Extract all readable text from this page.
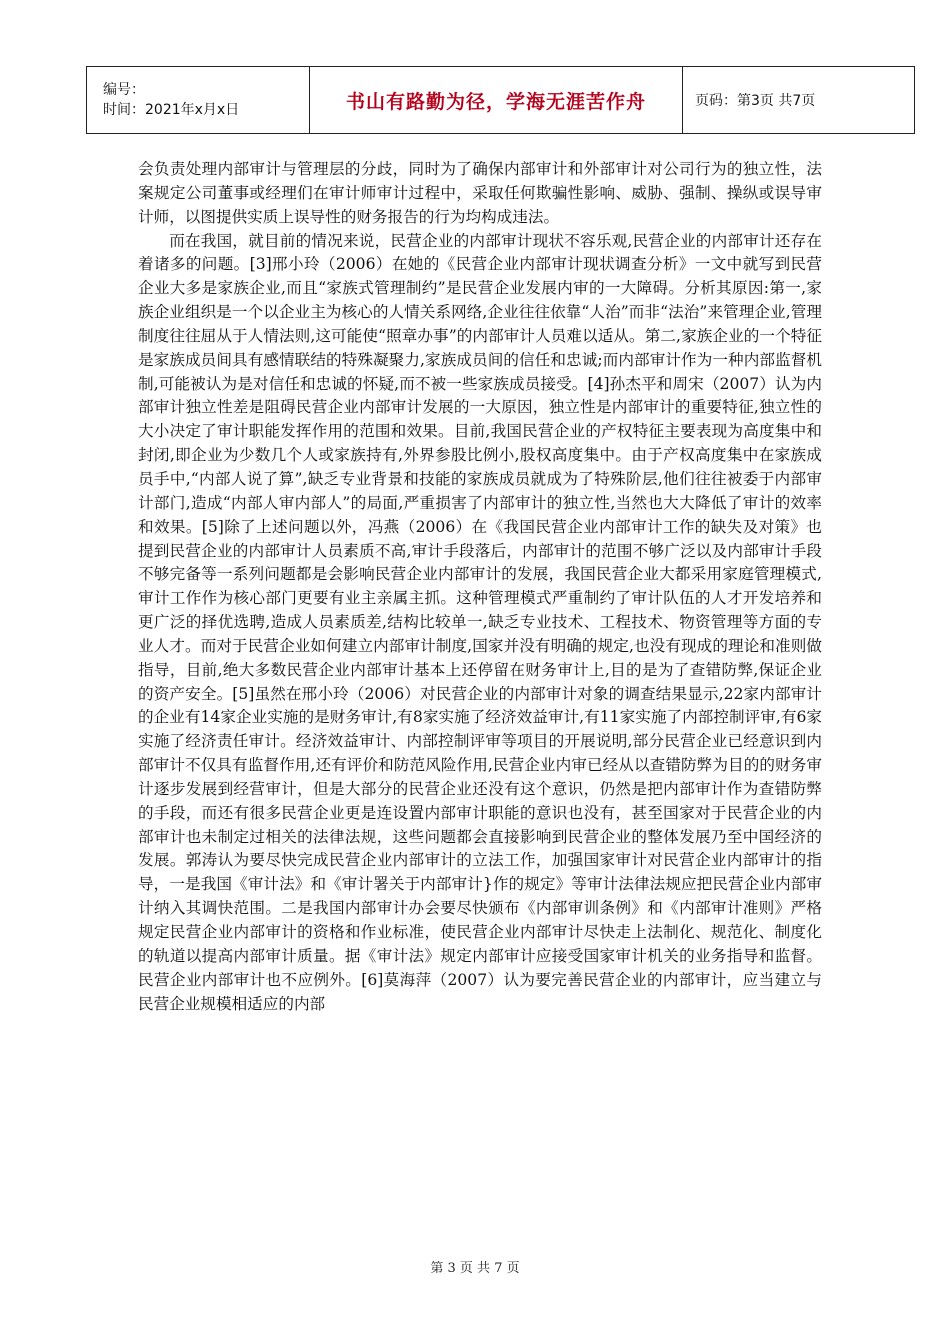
编号：
时间：2021年x月x日	书山有路勤为径，学海无涯苦作舟	页码：第3页 共7页

会负责处理内部审计与管理层的分歧，同时为了确保内部审计和外部审计对公司行为的独立性，法案规定公司董事或经理们在审计师审计过程中，采取任何欺骗性影响、威胁、强制、操纵或误导审计师，以图提供实质上误导性的财务报告的行为均构成违法。

而在我国，就目前的情况来说，民营企业的内部审计现状不容乐观,民营企业的内部审计还存在着诸多的问题。[3]邢小玲（2006）在她的《民营企业内部审计现状调查分析》一文中就写到民营企业大多是家族企业,而且“家族式管理制约”是民营企业发展内审的一大障碍。分析其原因:第一,家族企业组织是一个以企业主为核心的人情关系网络,企业往往依靠“人治”而非“法治”来管理企业,管理制度往往屈从于人情法则,这可能使“照章办事”的内部审计人员难以适从。第二,家族企业的一个特征是家族成员间具有感情联结的特殊凝聚力,家族成员间的信任和忠诚;而内部审计作为一种内部监督机制,可能被认为是对信任和忠诚的怀疑,而不被一些家族成员接受。[4]孙杰平和周宋（2007）认为内部审计独立性差是阻碍民营企业内部审计发展的一大原因，独立性是内部审计的重要特征,独立性的大小决定了审计职能发挥作用的范围和效果。目前,我国民营企业的产权特征主要表现为高度集中和封闭,即企业为少数几个人或家族持有,外界参股比例小,股权高度集中。由于产权高度集中在家族成员手中,“内部人说了算”,缺乏专业背景和技能的家族成员就成为了特殊阶层,他们往往被委于内部审计部门,造成“内部人审内部人”的局面,严重损害了内部审计的独立性,当然也大大降低了审计的效率和效果。[5]除了上述问题以外，冯燕（2006）在《我国民营企业内部审计工作的缺失及对策》也提到民营企业的内部审计人员素质不高,审计手段落后，内部审计的范围不够广泛以及内部审计手段不够完备等一系列问题都是会影响民营企业内部审计的发展，我国民营企业大都采用家庭管理模式,审计工作作为核心部门更要有业主亲属主抓。这种管理模式严重制约了审计队伍的人才开发培养和更广泛的择优选聘,造成人员素质差,结构比较单一,缺乏专业技术、工程技术、物资管理等方面的专业人才。而对于民营企业如何建立内部审计制度,国家并没有明确的规定,也没有现成的理论和准则做指导，目前,绝大多数民营企业内部审计基本上还停留在财务审计上,目的是为了查错防弊,保证企业的资产安全。[5]虽然在邢小玲（2006）对民营企业的内部审计对象的调查结果显示,22家内部审计的企业有14家企业实施的是财务审计,有8家实施了经济效益审计,有11家实施了内部控制评审,有6家实施了经济责任审计。经济效益审计、内部控制评审等项目的开展说明,部分民营企业已经意识到内部审计不仅具有监督作用,还有评价和防范风险作用,民营企业内审已经从以查错防弊为目的的财务审计逐步发展到经营审计，但是大部分的民营企业还没有这个意识，仍然是把内部审计作为查错防弊的手段，而还有很多民营企业更是连设置内部审计职能的意识也没有，甚至国家对于民营企业的内部审计也未制定过相关的法律法规，这些问题都会直接影响到民营企业的整体发展乃至中国经济的发展。郭涛认为要尽快完成民营企业内部审计的立法工作，加强国家审计对民营企业内部审计的指导，一是我国《审计法》和《审计署关于内部审计}作的规定》等审计法律法规应把民营企业内部审计纳入其调快范围。二是我国内部审计办会要尽快颁布《内部审训条例》和《内部审计准则》严格规定民营企业内部审计的资格和作业标准，使民营企业内部审计尽快走上法制化、规范化、制度化的轨道以提高内部审计质量。据《审计法》规定内部审计应接受国家审计机关的业务指导和监督。民营企业内部审计也不应例外。[6]莫海萍（2007）认为要完善民营企业的内部审计，应当建立与民营企业规模相适应的内部

第 3 页 共 7 页
